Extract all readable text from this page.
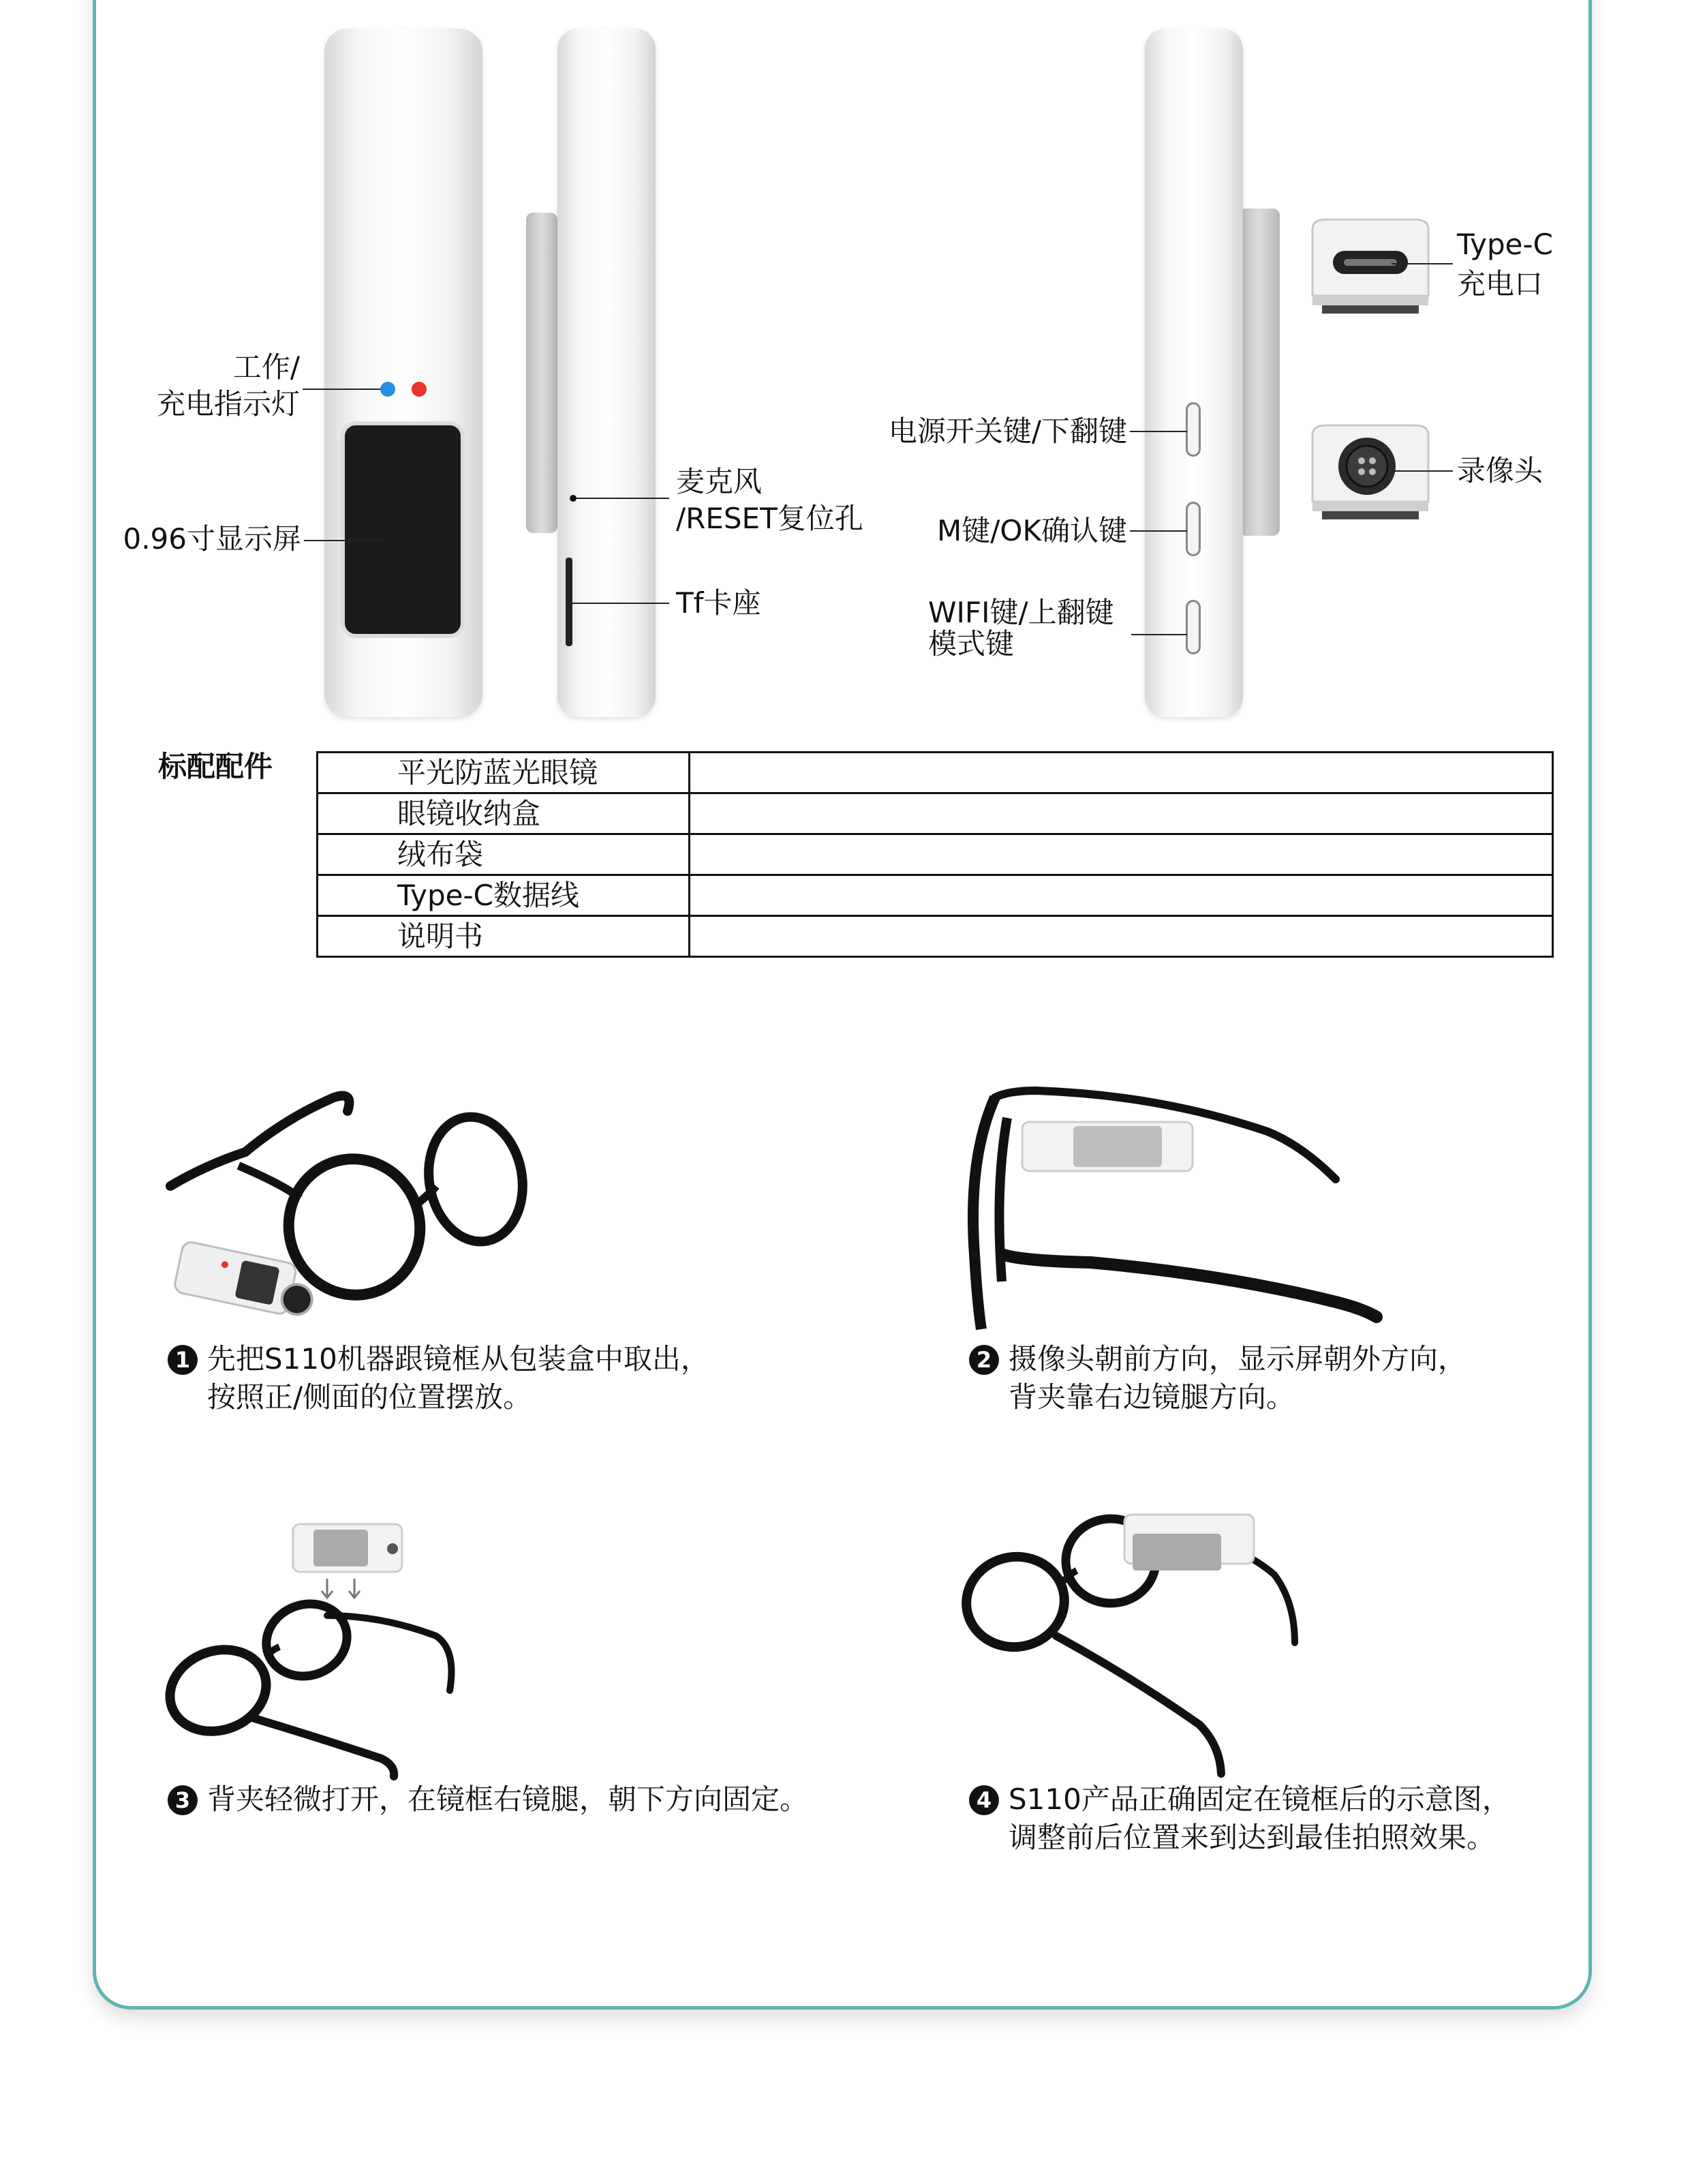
工作/
充电指示灯
0.96寸显示屏
麦克风
/RESET复位孔
Tf卡座
电源开关键/下翻键
M键/OK确认键
WIFI键/上翻键
模式键
Type-C
充电口
录像头
标配配件	平光防蓝光眼镜	
眼镜收纳盒	
绒布袋	
Type-C数据线	
说明书	
1 先把S110机器跟镜框从包装盒中取出，
按照正/侧面的位置摆放。
2 摄像头朝前方向，显示屏朝外方向，
背夹靠右边镜腿方向。
3 背夹轻微打开，在镜框右镜腿，朝下方向固定。	4 S110产品正确固定在镜框后的示意图，
调整前后位置来到达到最佳拍照效果。
